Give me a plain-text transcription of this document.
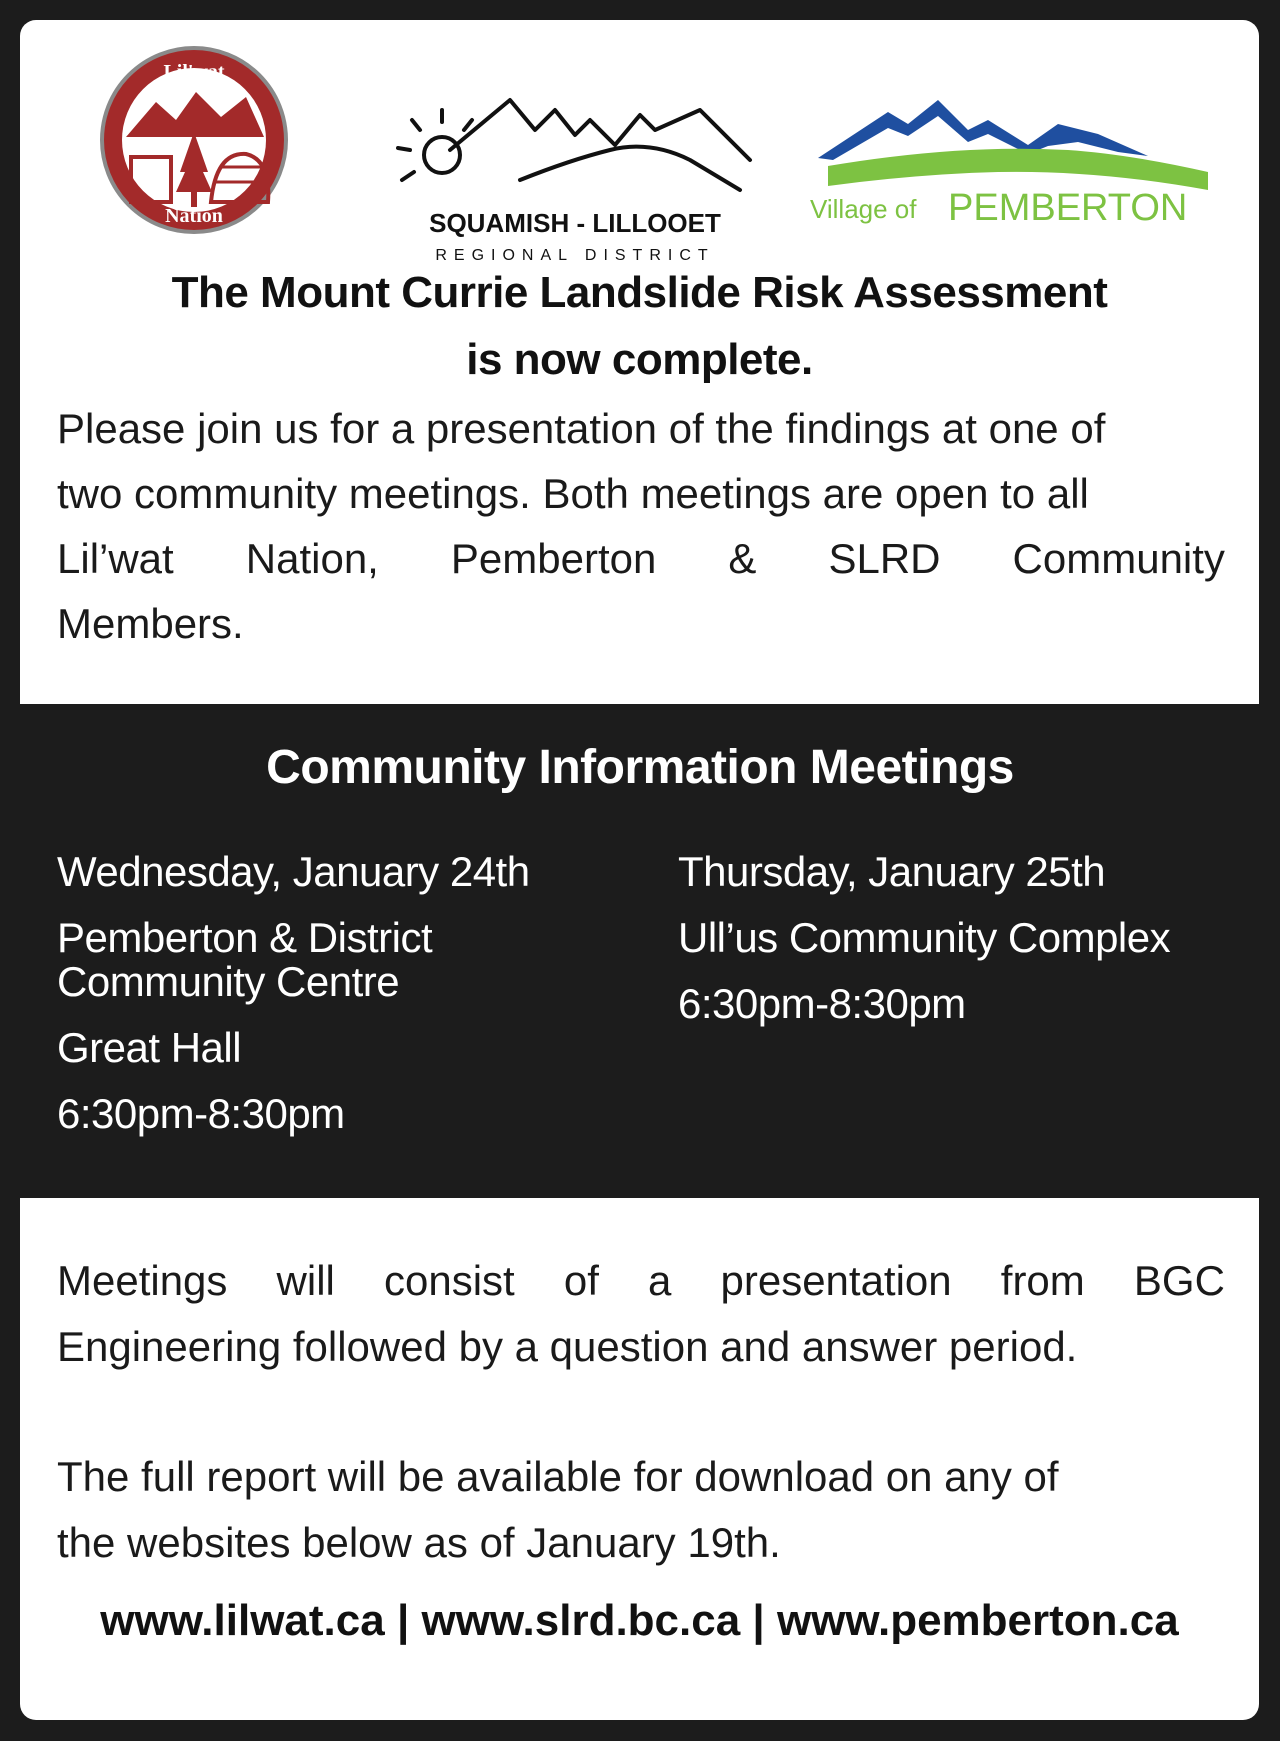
Lil'wat
Nation	SQUAMISH - LILLOOET
REGIONAL DISTRICT
Village of PEMBERTON
The Mount Currie Landslide Risk Assessment
is now complete.

Please join us for a presentation of the findings at one of

two community meetings. Both meetings are open to all

Lil’wat Nation, Pemberton & SLRD Community

Members.

Community Information Meetings
Wednesday, January 24th
Pemberton & District
Community Centre
Great Hall
6:30pm-8:30pm
Thursday, January 25th
Ull’us Community Complex
6:30pm-8:30pm
Meetings will consist of a presentation from BGC
Engineering followed by a question and answer period.
The full report will be available for download on any of
the websites below as of January 19th.
www.lilwat.ca | www.slrd.bc.ca | www.pemberton.ca
